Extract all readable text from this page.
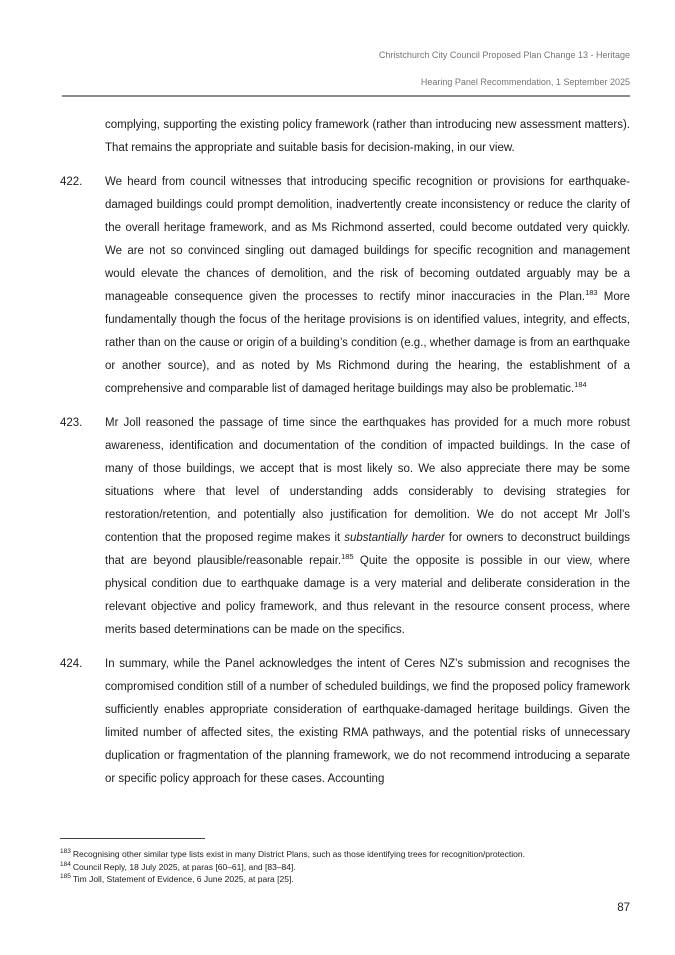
Christchurch City Council Proposed Plan Change 13 - Heritage
Hearing Panel Recommendation, 1 September 2025
complying, supporting the existing policy framework (rather than introducing new assessment matters). That remains the appropriate and suitable basis for decision-making, in our view.
422.	We heard from council witnesses that introducing specific recognition or provisions for earthquake-damaged buildings could prompt demolition, inadvertently create inconsistency or reduce the clarity of the overall heritage framework, and as Ms Richmond asserted, could become outdated very quickly. We are not so convinced singling out damaged buildings for specific recognition and management would elevate the chances of demolition, and the risk of becoming outdated arguably may be a manageable consequence given the processes to rectify minor inaccuracies in the Plan.$^{183}$ More fundamentally though the focus of the heritage provisions is on identified values, integrity, and effects, rather than on the cause or origin of a building’s condition (e.g., whether damage is from an earthquake or another source), and as noted by Ms Richmond during the hearing, the establishment of a comprehensive and comparable list of damaged heritage buildings may also be problematic.$^{184}$
423.	Mr Joll reasoned the passage of time since the earthquakes has provided for a much more robust awareness, identification and documentation of the condition of impacted buildings. In the case of many of those buildings, we accept that is most likely so. We also appreciate there may be some situations where that level of understanding adds considerably to devising strategies for restoration/retention, and potentially also justification for demolition. We do not accept Mr Joll’s contention that the proposed regime makes it substantially harder for owners to deconstruct buildings that are beyond plausible/reasonable repair.$^{185}$ Quite the opposite is possible in our view, where physical condition due to earthquake damage is a very material and deliberate consideration in the relevant objective and policy framework, and thus relevant in the resource consent process, where merits based determinations can be made on the specifics.
424.	In summary, while the Panel acknowledges the intent of Ceres NZ’s submission and recognises the compromised condition still of a number of scheduled buildings, we find the proposed policy framework sufficiently enables appropriate consideration of earthquake-damaged heritage buildings. Given the limited number of affected sites, the existing RMA pathways, and the potential risks of unnecessary duplication or fragmentation of the planning framework, we do not recommend introducing a separate or specific policy approach for these cases. Accounting
$^{183}$ Recognising other similar type lists exist in many District Plans, such as those identifying trees for recognition/protection.
$^{184}$ Council Reply, 18 July 2025, at paras [60–61], and [83–84].
$^{185}$ Tim Joll, Statement of Evidence, 6 June 2025, at para [25].
87
